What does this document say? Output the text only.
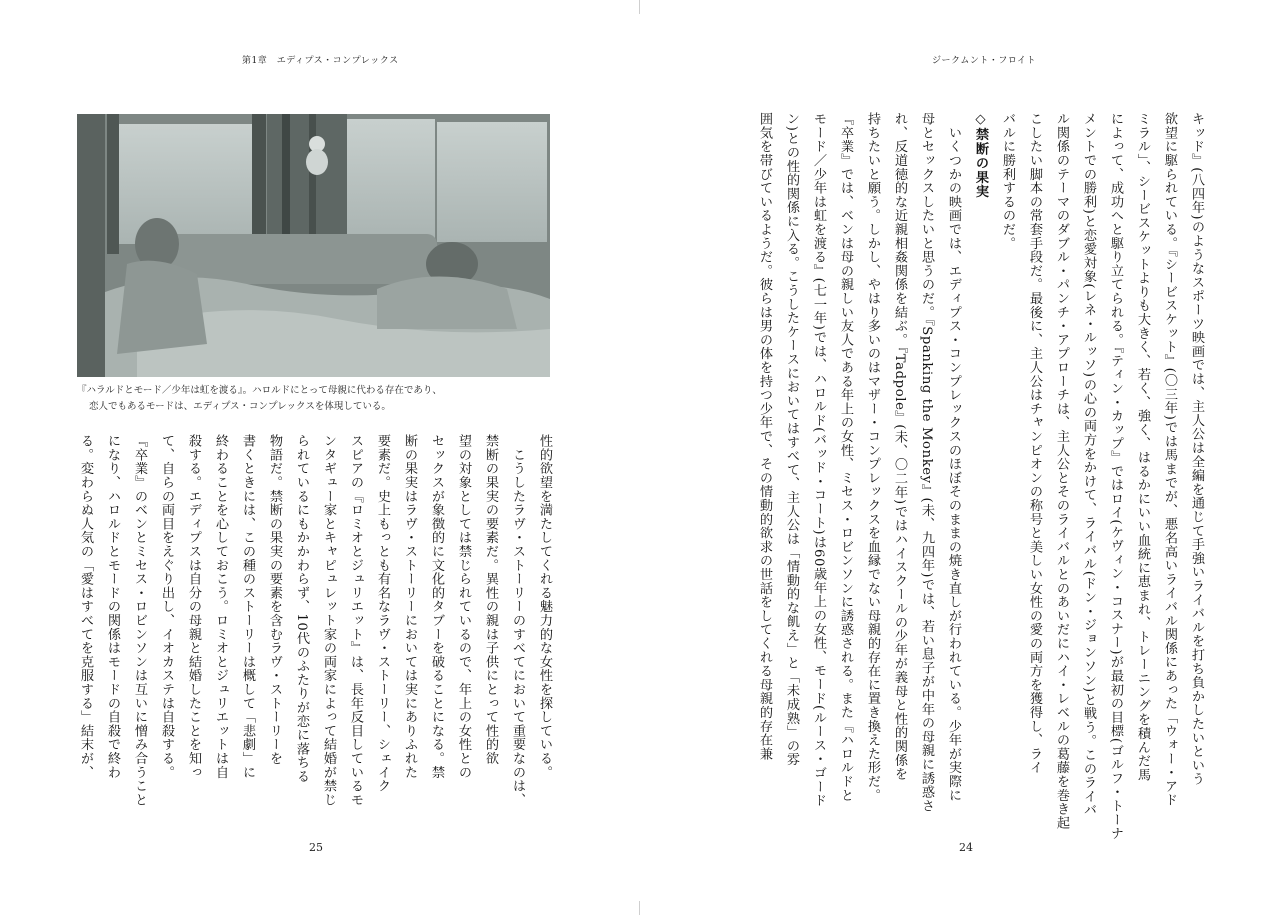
第1章　エディプス・コンプレックス
『ハラルドとモード／少年は虹を渡る』。ハロルドにとって母親に代わる存在であり、
恋人でもあるモードは、エディプス・コンプレックスを体現している。

性的欲望を満たしてくれる魅力的な女性を探している。

　こうしたラヴ・ストーリーのすべてにおいて重要なのは、

禁断の果実の要素だ。異性の親は子供にとって性的欲

望の対象としては禁じられているので、年上の女性との

セックスが象徴的に文化的タブーを破ることになる。禁

断の果実はラヴ・ストーリーにおいては実にありふれた

要素だ。史上もっとも有名なラヴ・ストーリー、シェイク

スピアの『ロミオとジュリエット』は、長年反目しているモ

ンタギュー家とキャピュレット家の両家によって結婚が禁じ

られているにもかかわらず、10代のふたりが恋に落ちる

物語だ。禁断の果実の要素を含むラヴ・ストーリーを

書くときには、この種のストーリーは概して「悲劇」に

終わることを心しておこう。ロミオとジュリエットは自

殺する。エディプスは自分の母親と結婚したことを知っ

て、自らの両目をえぐり出し、イオカステは自殺する。

『卒業』のベンとミセス・ロビンソンは互いに憎み合うこと

になり、ハロルドとモードの関係はモードの自殺で終わ

る。変わらぬ人気の「愛はすべてを克服する」結末が、

25
ジークムント・フロイト
24

キッド』(八四年)のようなスポーツ映画では、主人公は全編を通じて手強いライバルを打ち負かしたいという

欲望に駆られている。『シービスケット』(〇三年)では馬までが、悪名高いライバル関係にあった「ウォー・アド

ミラル」、シービスケットよりも大きく、若く、強く、はるかにいい血統に恵まれ、トレーニングを積んだ馬

によって、成功へと駆り立てられる。『ティン・カップ』ではロイ(ケヴィン・コスナー)が最初の目標(ゴルフ・トーナ

メントでの勝利)と恋愛対象(レネ・ルッソ)の心の両方をかけて、ライバル(ドン・ジョンソン)と戦う。このライバ

ル関係のテーマのダブル・パンチ・アプローチは、主人公とそのライバルとのあいだにハイ・レベルの葛藤を巻き起

こしたい脚本の常套手段だ。最後に、主人公はチャンピオンの称号と美しい女性の愛の両方を獲得し、ライ

バルに勝利するのだ。

◇禁断の果実

　いくつかの映画では、エディプス・コンプレックスのほぼそのままの焼き直しが行われている。少年が実際に

母とセックスしたいと思うのだ。『Spanking the Monkey』(未、九四年)では、若い息子が中年の母親に誘惑さ

れ、反道徳的な近親相姦関係を結ぶ。『Tadpole』(未、〇二年)ではハイスクールの少年が義母と性的関係を

持ちたいと願う。しかし、やはり多いのはマザー・コンプレックスを血縁でない母親的存在に置き換えた形だ。

『卒業』では、ベンは母の親しい友人である年上の女性、ミセス・ロビンソンに誘惑される。また『ハロルドと

モード／少年は虹を渡る』(七一年)では、ハロルド(バッド・コート)は60歳年上の女性、モード(ルース・ゴード

ン)との性的関係に入る。こうしたケースにおいてはすべて、主人公は「情動的な飢え」と「未成熟」の雰

囲気を帯びているようだ。彼らは男の体を持つ少年で、その情動的欲求の世話をしてくれる母親的存在兼
